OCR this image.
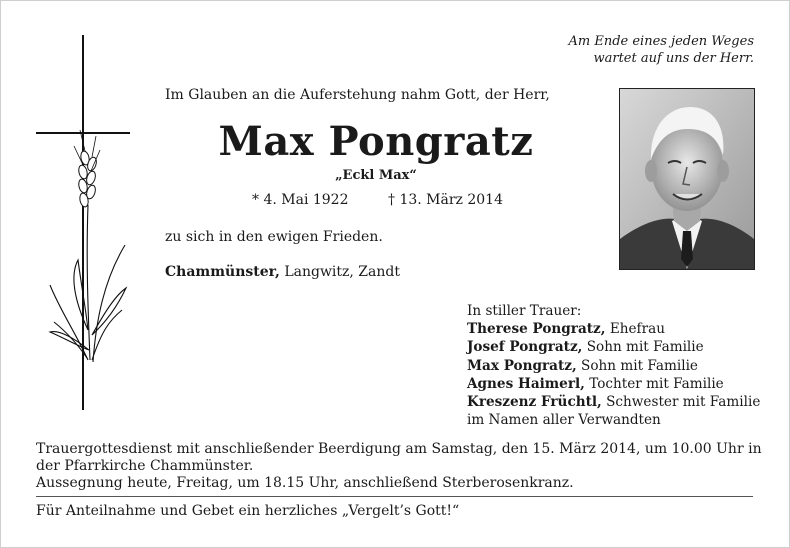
Am Ende eines jeden Weges
wartet auf uns der Herr.
Im Glauben an die Auferstehung nahm Gott, der Herr,
Max Pongratz
„Eckl Max“
* 4. Mai 1922	† 13. März 2014
zu sich in den ewigen Frieden.
Chammünster, Langwitz, Zandt
In stiller Trauer:
Therese Pongratz, Ehefrau
Josef Pongratz, Sohn mit Familie
Max Pongratz, Sohn mit Familie
Agnes Haimerl, Tochter mit Familie
Kreszenz Früchtl, Schwester mit Familie
im Namen aller Verwandten
Trauergottesdienst mit anschließender Beerdigung am Samstag, den 15. März 2014, um 10.00 Uhr in
der Pfarrkirche Chammünster.
Aussegnung heute, Freitag, um 18.15 Uhr, anschließend Sterberosenkranz.
Für Anteilnahme und Gebet ein herzliches „Vergelt’s Gott!“
